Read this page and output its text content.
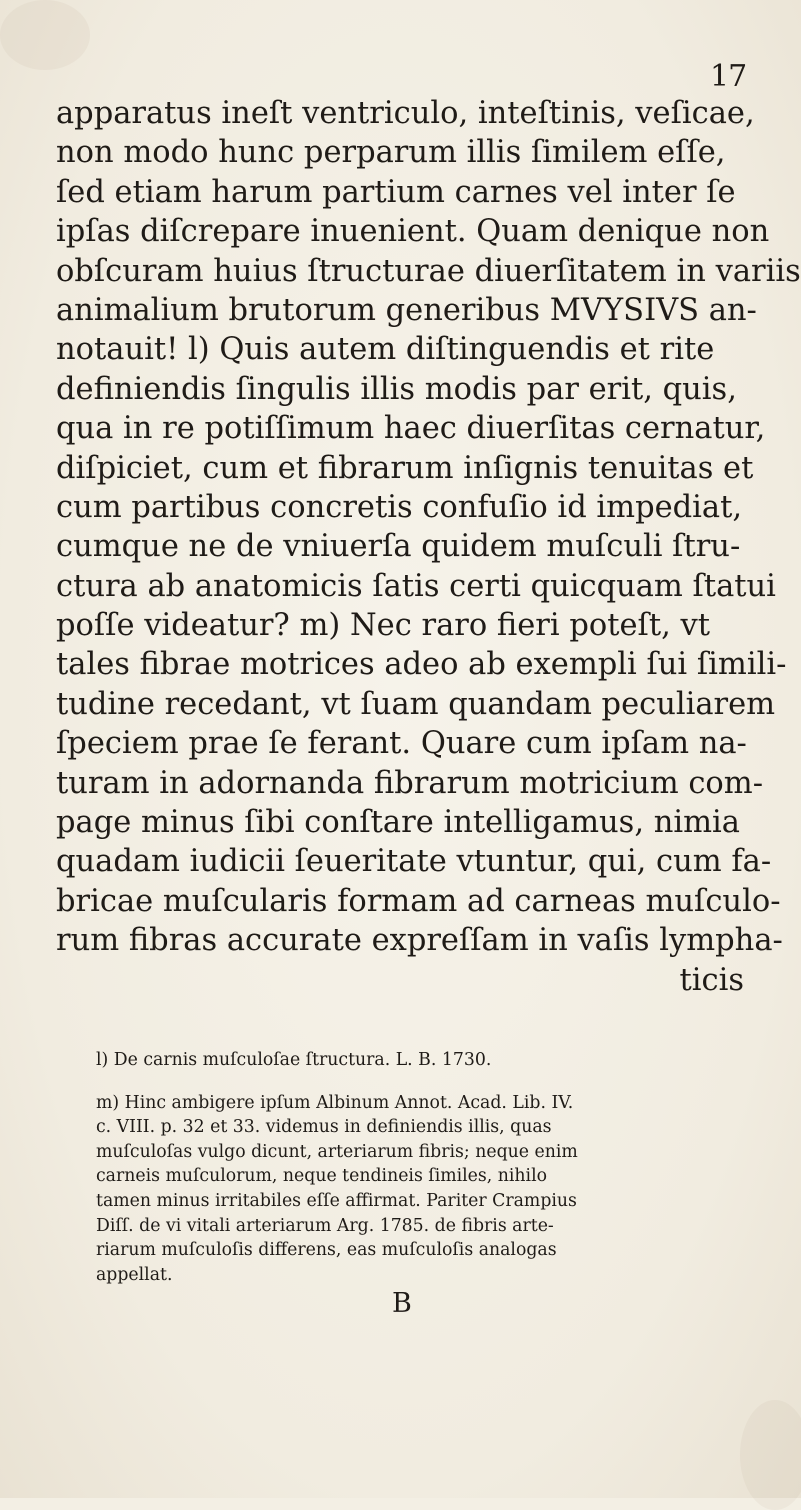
17
apparatus ineſt ventriculo, inteſtinis, veſicae,
non modo hunc perparum illis ſimilem eſſe,
ſed etiam harum partium carnes vel inter ſe
ipſas diſcrepare inuenient. Quam denique non
obſcuram huius ſtructurae diuerſitatem in variis
animalium brutorum generibus MVYSIVS an-
notauit! l) Quis autem diſtinguendis et rite
definiendis ſingulis illis modis par erit, quis,
qua in re potiſſimum haec diuerſitas cernatur,
diſpiciet, cum et fibrarum inſignis tenuitas et
cum partibus concretis confuſio id impediat,
cumque ne de vniuerſa quidem muſculi ſtru-
ctura ab anatomicis ſatis certi quicquam ſtatui
poſſe videatur? m) Nec raro fieri poteſt, vt
tales fibrae motrices adeo ab exempli ſui ſimili-
tudine recedant, vt ſuam quandam peculiarem
ſpeciem prae ſe ferant. Quare cum ipſam na-
turam in adornanda fibrarum motricium com-
page minus ſibi conſtare intelligamus, nimia
quadam iudicii ſeueritate vtuntur, qui, cum fa-
bricae muſcularis formam ad carneas muſculo-
rum fibras accurate expreſſam in vaſis lympha-
ticis
l) De carnis muſculoſae ſtructura. L. B. 1730.
m) Hinc ambigere ipſum Albinum Annot. Acad. Lib. IV.
c. VIII. p. 32 et 33. videmus in definiendis illis, quas
muſculoſas vulgo dicunt, arteriarum fibris; neque enim
carneis muſculorum, neque tendineis ſimiles, nihilo
tamen minus irritabiles eſſe affirmat. Pariter Crampius
Diſſ. de vi vitali arteriarum Arg. 1785. de fibris arte-
riarum muſculoſis differens, eas muſculoſis analogas
appellat.
B
